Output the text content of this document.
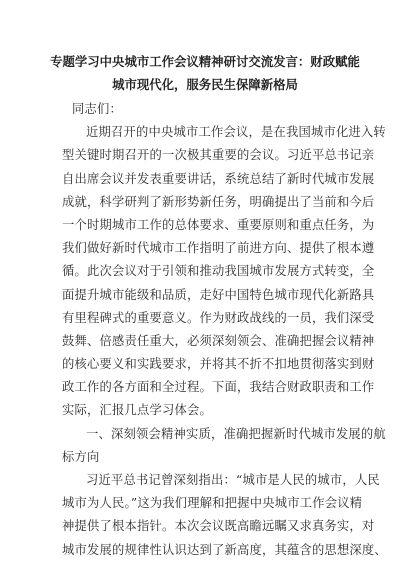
专题学习中央城市工作会议精神研讨交流发言：财政赋能
城市现代化，服务民生保障新格局
同志们：
近期召开的中央城市工作会议，是在我国城市化进入转
型关键时期召开的一次极其重要的会议。习近平总书记亲
自出席会议并发表重要讲话，系统总结了新时代城市发展
成就，科学研判了新形势新任务，明确提出了当前和今后
一个时期城市工作的总体要求、重要原则和重点任务，为
我们做好新时代城市工作指明了前进方向、提供了根本遵
循。此次会议对于引领和推动我国城市发展方式转变，全
面提升城市能级和品质，走好中国特色城市现代化新路具
有里程碑式的重要意义。作为财政战线的一员，我们深受
鼓舞、倍感责任重大，必须深刻领会、准确把握会议精神
的核心要义和实践要求，并将其不折不扣地贯彻落实到财
政工作的各方面和全过程。下面，我结合财政职责和工作
实际，汇报几点学习体会。
一、深刻领会精神实质，准确把握新时代城市发展的航
标方向
习近平总书记曾深刻指出：“城市是人民的城市，人民
城市为人民。”这为我们理解和把握中央城市工作会议精
神提供了根本指针。本次会议既高瞻远瞩又求真务实，对
城市发展的规律性认识达到了新高度，其蕴含的思想深度、
